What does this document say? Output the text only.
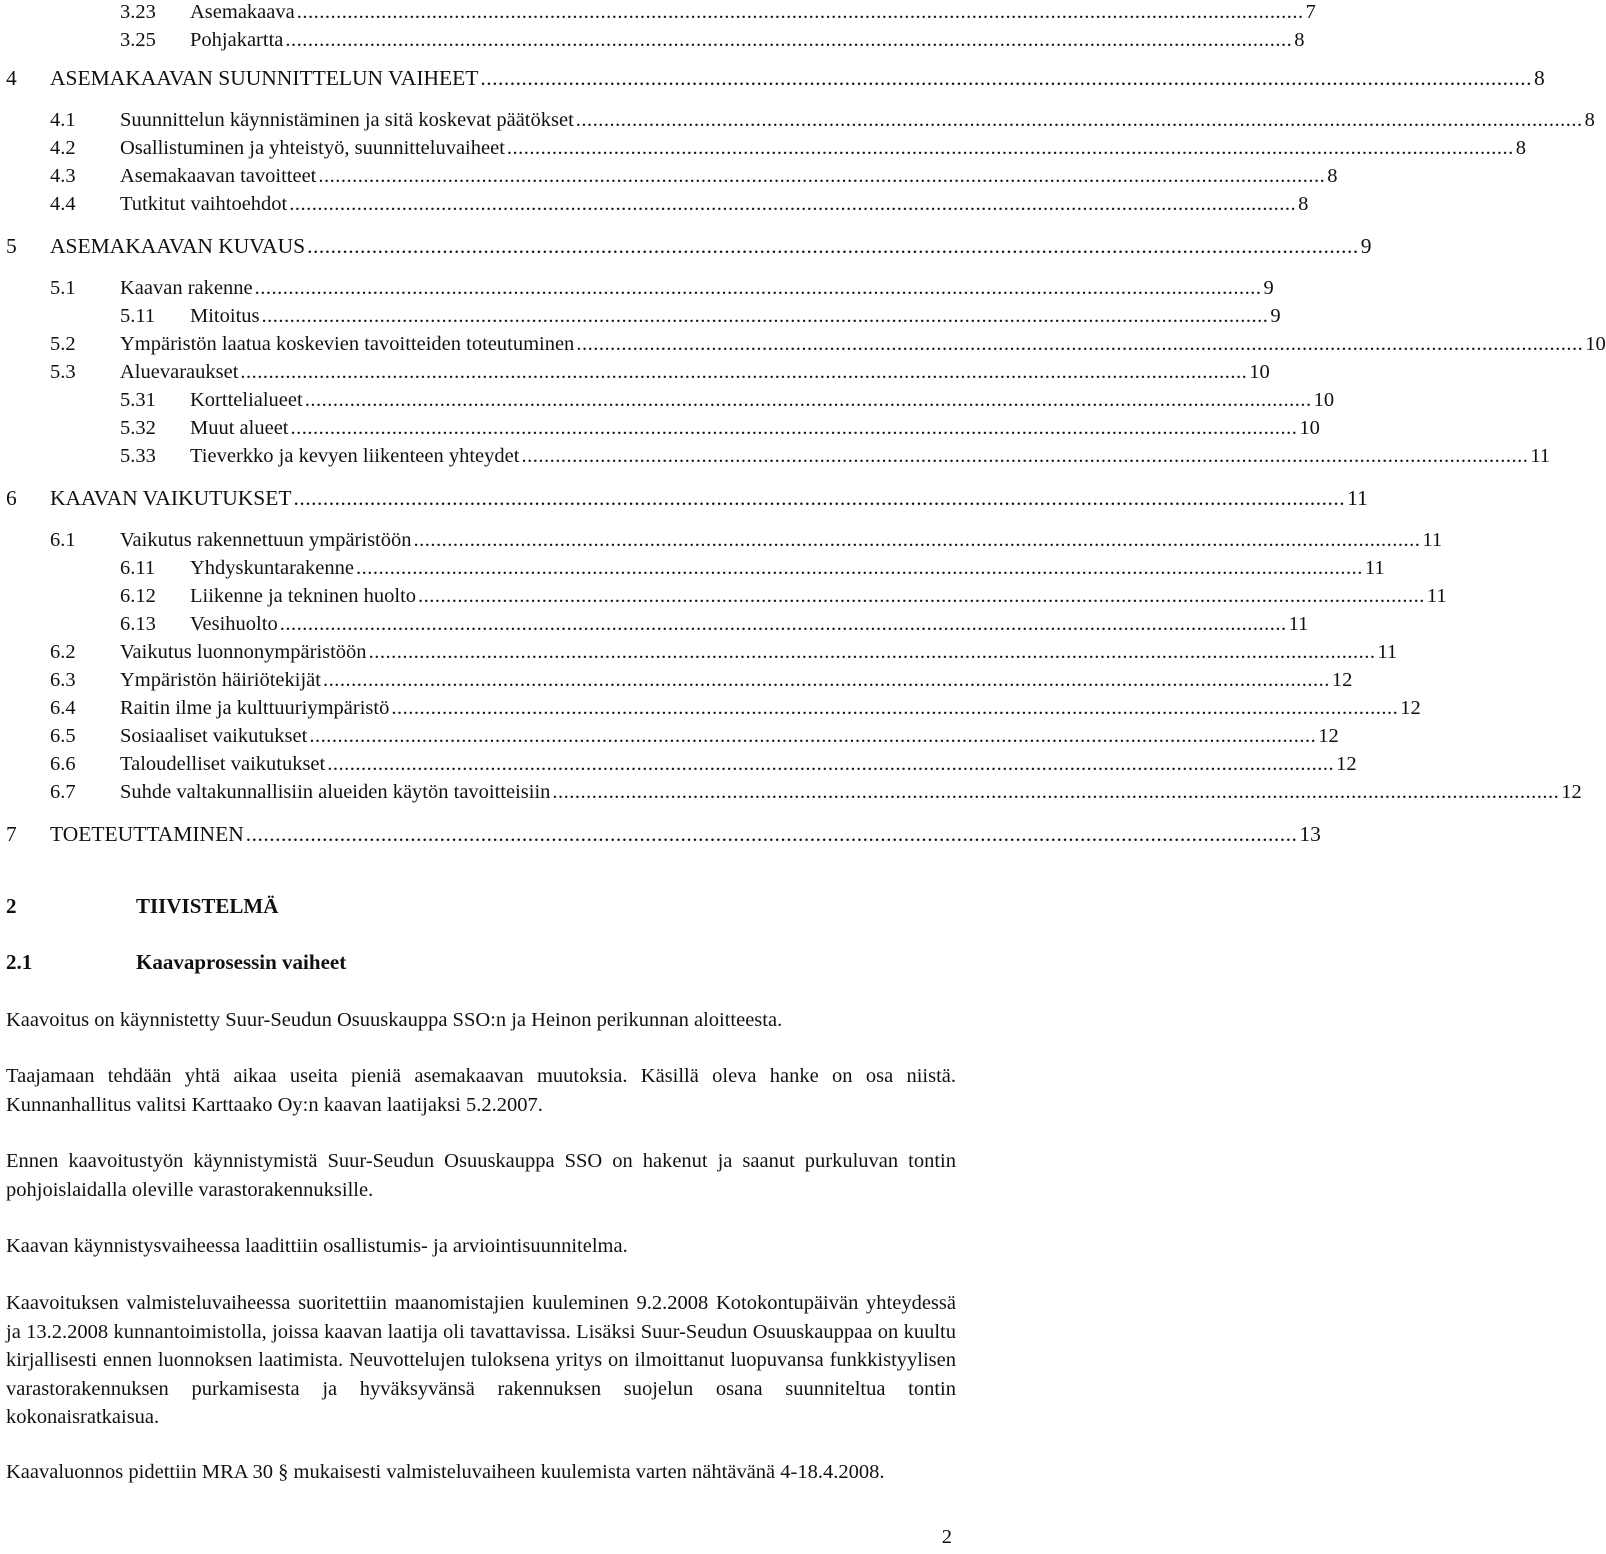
3.23 Asemakaava ................................................................................................................................................................................... 7
3.25 Pohjakartta ................................................................................................................................................................................... 8
4 ASEMAKAAVAN SUUNNITTELUN VAIHEET ................................................................................................................................................................................... 8
4.1 Suunnittelun käynnistäminen ja sitä koskevat päätökset ................................................................................................................................................................................... 8
4.2 Osallistuminen ja yhteistyö, suunnitteluvaiheet ................................................................................................................................................................................... 8
4.3 Asemakaavan tavoitteet ................................................................................................................................................................................... 8
4.4 Tutkitut vaihtoehdot ................................................................................................................................................................................... 8
5 ASEMAKAAVAN KUVAUS ................................................................................................................................................................................... 9
5.1 Kaavan rakenne ................................................................................................................................................................................... 9
5.11 Mitoitus ................................................................................................................................................................................... 9
5.2 Ympäristön laatua koskevien tavoitteiden toteutuminen ................................................................................................................................................................................... 10
5.3 Aluevaraukset ................................................................................................................................................................................... 10
5.31 Korttelialueet ................................................................................................................................................................................... 10
5.32 Muut alueet ................................................................................................................................................................................... 10
5.33 Tieverkko ja kevyen liikenteen yhteydet ................................................................................................................................................................................... 11
6 KAAVAN VAIKUTUKSET ................................................................................................................................................................................... 11
6.1 Vaikutus rakennettuun ympäristöön ................................................................................................................................................................................... 11
6.11 Yhdyskuntarakenne ................................................................................................................................................................................... 11
6.12 Liikenne ja tekninen huolto ................................................................................................................................................................................... 11
6.13 Vesihuolto ................................................................................................................................................................................... 11
6.2 Vaikutus luonnonympäristöön ................................................................................................................................................................................... 11
6.3 Ympäristön häiriötekijät ................................................................................................................................................................................... 12
6.4 Raitin ilme ja kulttuuriympäristö ................................................................................................................................................................................... 12
6.5 Sosiaaliset vaikutukset ................................................................................................................................................................................... 12
6.6 Taloudelliset vaikutukset ................................................................................................................................................................................... 12
6.7 Suhde valtakunnallisiin alueiden käytön tavoitteisiin ................................................................................................................................................................................... 12
7 TOETEUTTAMINEN ................................................................................................................................................................................... 13
2	TIIVISTELMÄ
2.1	Kaavaprosessin vaiheet

Kaavoitus on käynnistetty Suur-Seudun Osuuskauppa SSO:n ja Heinon perikunnan aloitteesta.

Taajamaan tehdään yhtä aikaa useita pieniä asemakaavan muutoksia. Käsillä oleva hanke on osa niistä. Kunnanhallitus valitsi Karttaako Oy:n kaavan laatijaksi 5.2.2007.

Ennen kaavoitustyön käynnistymistä Suur-Seudun Osuuskauppa SSO on hakenut ja saanut purkuluvan tontin pohjoislaidalla oleville varastorakennuksille.

Kaavan käynnistysvaiheessa laadittiin osallistumis- ja arviointisuunnitelma.

Kaavoituksen valmisteluvaiheessa suoritettiin maanomistajien kuuleminen 9.2.2008 Kotokontupäivän yhteydessä ja 13.2.2008 kunnantoimistolla, joissa kaavan laatija oli tavattavissa. Lisäksi Suur-Seudun Osuuskauppaa on kuultu kirjallisesti ennen luonnoksen laatimista. Neuvottelujen tuloksena yritys on ilmoittanut luopuvansa funkkistyylisen varastorakennuksen purkamisesta ja hyväksyvänsä rakennuksen suojelun osana suunniteltua tontin kokonaisratkaisua.

Kaavaluonnos pidettiin MRA 30 § mukaisesti valmisteluvaiheen kuulemista varten nähtävänä 4-18.4.2008.

2
